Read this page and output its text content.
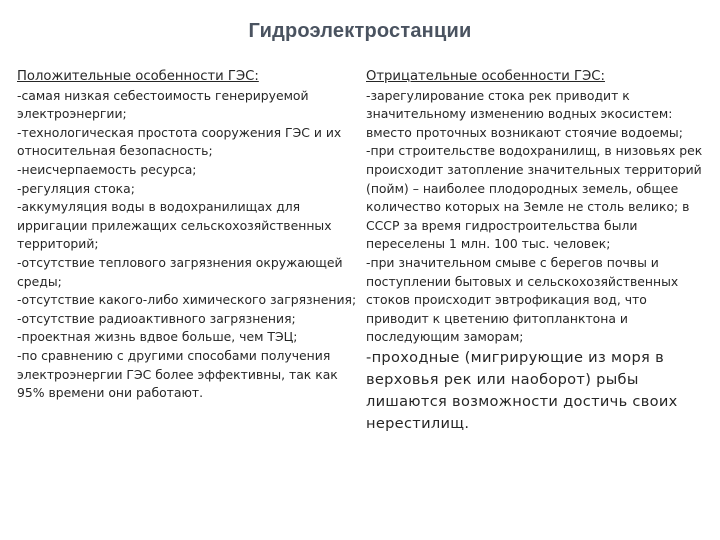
Гидроэлектростанции
Положительные особенности ГЭС:
-самая низкая себестоимость генерируемой электроэнергии;
-технологическая простота сооружения ГЭС и их относительная безопасность;
-неисчерпаемость ресурса;
-регуляция стока;
-аккумуляция воды в водохранилищах для ирригации прилежащих сельскохозяйственных территорий;
-отсутствие теплового загрязнения окружающей среды;
-отсутствие какого-либо химического загрязнения;
-отсутствие радиоактивного загрязнения;
-проектная жизнь вдвое больше, чем ТЭЦ;
-по сравнению с другими способами получения электроэнергии ГЭС более эффективны, так как 95% времени они работают.
Отрицательные особенности ГЭС:
-зарегулирование стока рек приводит к значительному изменению водных экосистем: вместо проточных возникают стоячие водоемы;
-при строительстве водохранилищ, в низовьях рек происходит затопление значительных территорий (пойм) – наиболее плодородных земель, общее количество которых на Земле не столь велико; в СССР за время гидростроительства были переселены 1 млн. 100 тыс. человек;
-при значительном смыве с берегов почвы и поступлении бытовых и сельскохозяйственных стоков происходит эвтрофикация вод, что приводит к цветению фитопланктона и последующим заморам;
-проходные (мигрирующие из моря в верховья рек или наоборот) рыбы лишаются возможности достичь своих нерестилищ.
